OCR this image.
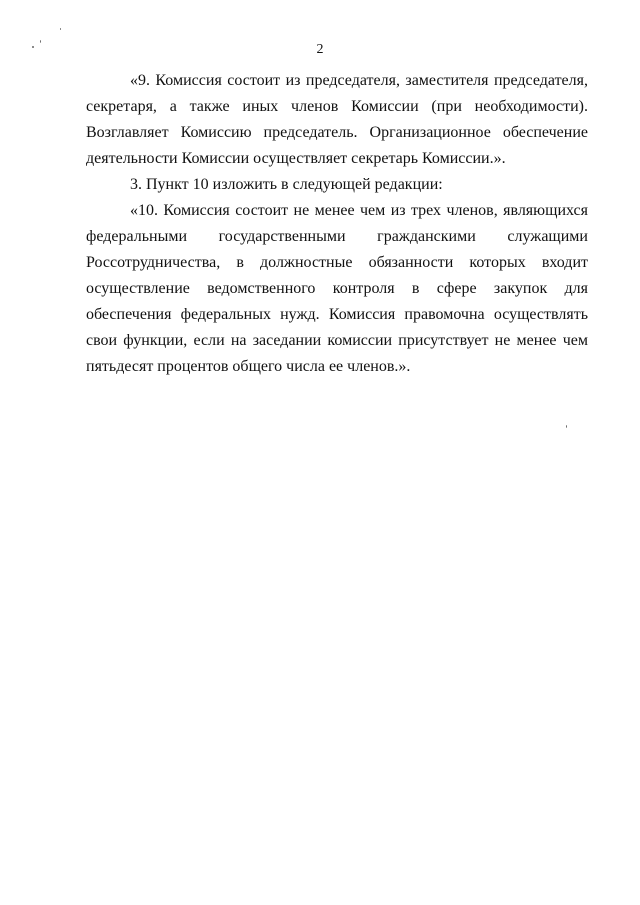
2

«9. Комиссия состоит из председателя, заместителя председателя, секретаря, а также иных членов Комиссии (при необходимости). Возглавляет Комиссию председатель. Организационное обеспечение деятельности Комиссии осуществляет секретарь Комиссии.».

3. Пункт 10 изложить в следующей редакции:

«10. Комиссия состоит не менее чем из трех членов, являющихся федеральными государственными гражданскими служащими Россотрудничества, в должностные обязанности которых входит осуществление ведомственного контроля в сфере закупок для обеспечения федеральных нужд. Комиссия правомочна осуществлять свои функции, если на заседании комиссии присутствует не менее чем пятьдесят процентов общего числа ее членов.».
